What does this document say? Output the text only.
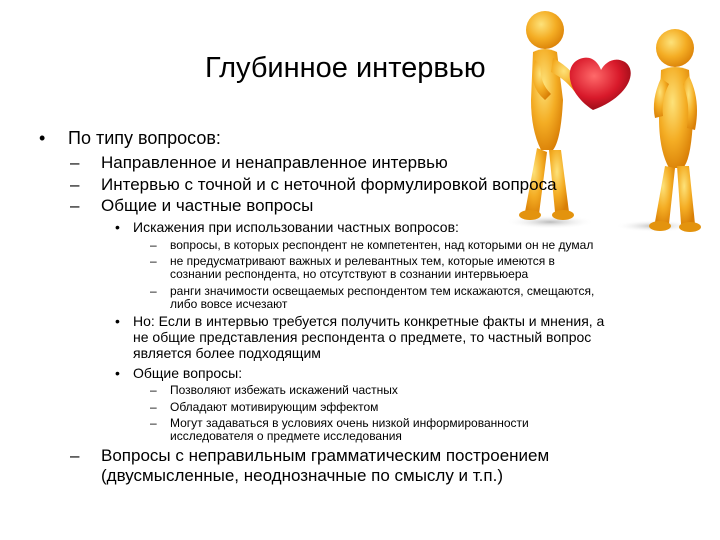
Глубинное интервью
• По типу вопросов:
– Направленное и ненаправленное интервью
– Интервью с точной и с неточной формулировкой вопроса
– Общие и частные вопросы
• Искажения при использовании частных вопросов:
– вопросы, в которых респондент не компетентен, над которыми он не думал
– не предусматривают важных и релевантных тем, которые имеются в
сознании респондента, но отсутствуют в сознании интервьюера
– ранги значимости освещаемых респондентом тем искажаются, смещаются,
либо вовсе исчезают
• Но: Если в интервью требуется получить конкретные факты и мнения, а
не общие представления респондента о предмете, то частный вопрос
является более подходящим
• Общие вопросы:
– Позволяют избежать искажений частных
– Обладают мотивирующим эффектом
– Могут задаваться в условиях очень низкой информированности
исследователя о предмете исследования
– Вопросы с неправильным грамматическим построением
(двусмысленные, неоднозначные по смыслу и т.п.)
